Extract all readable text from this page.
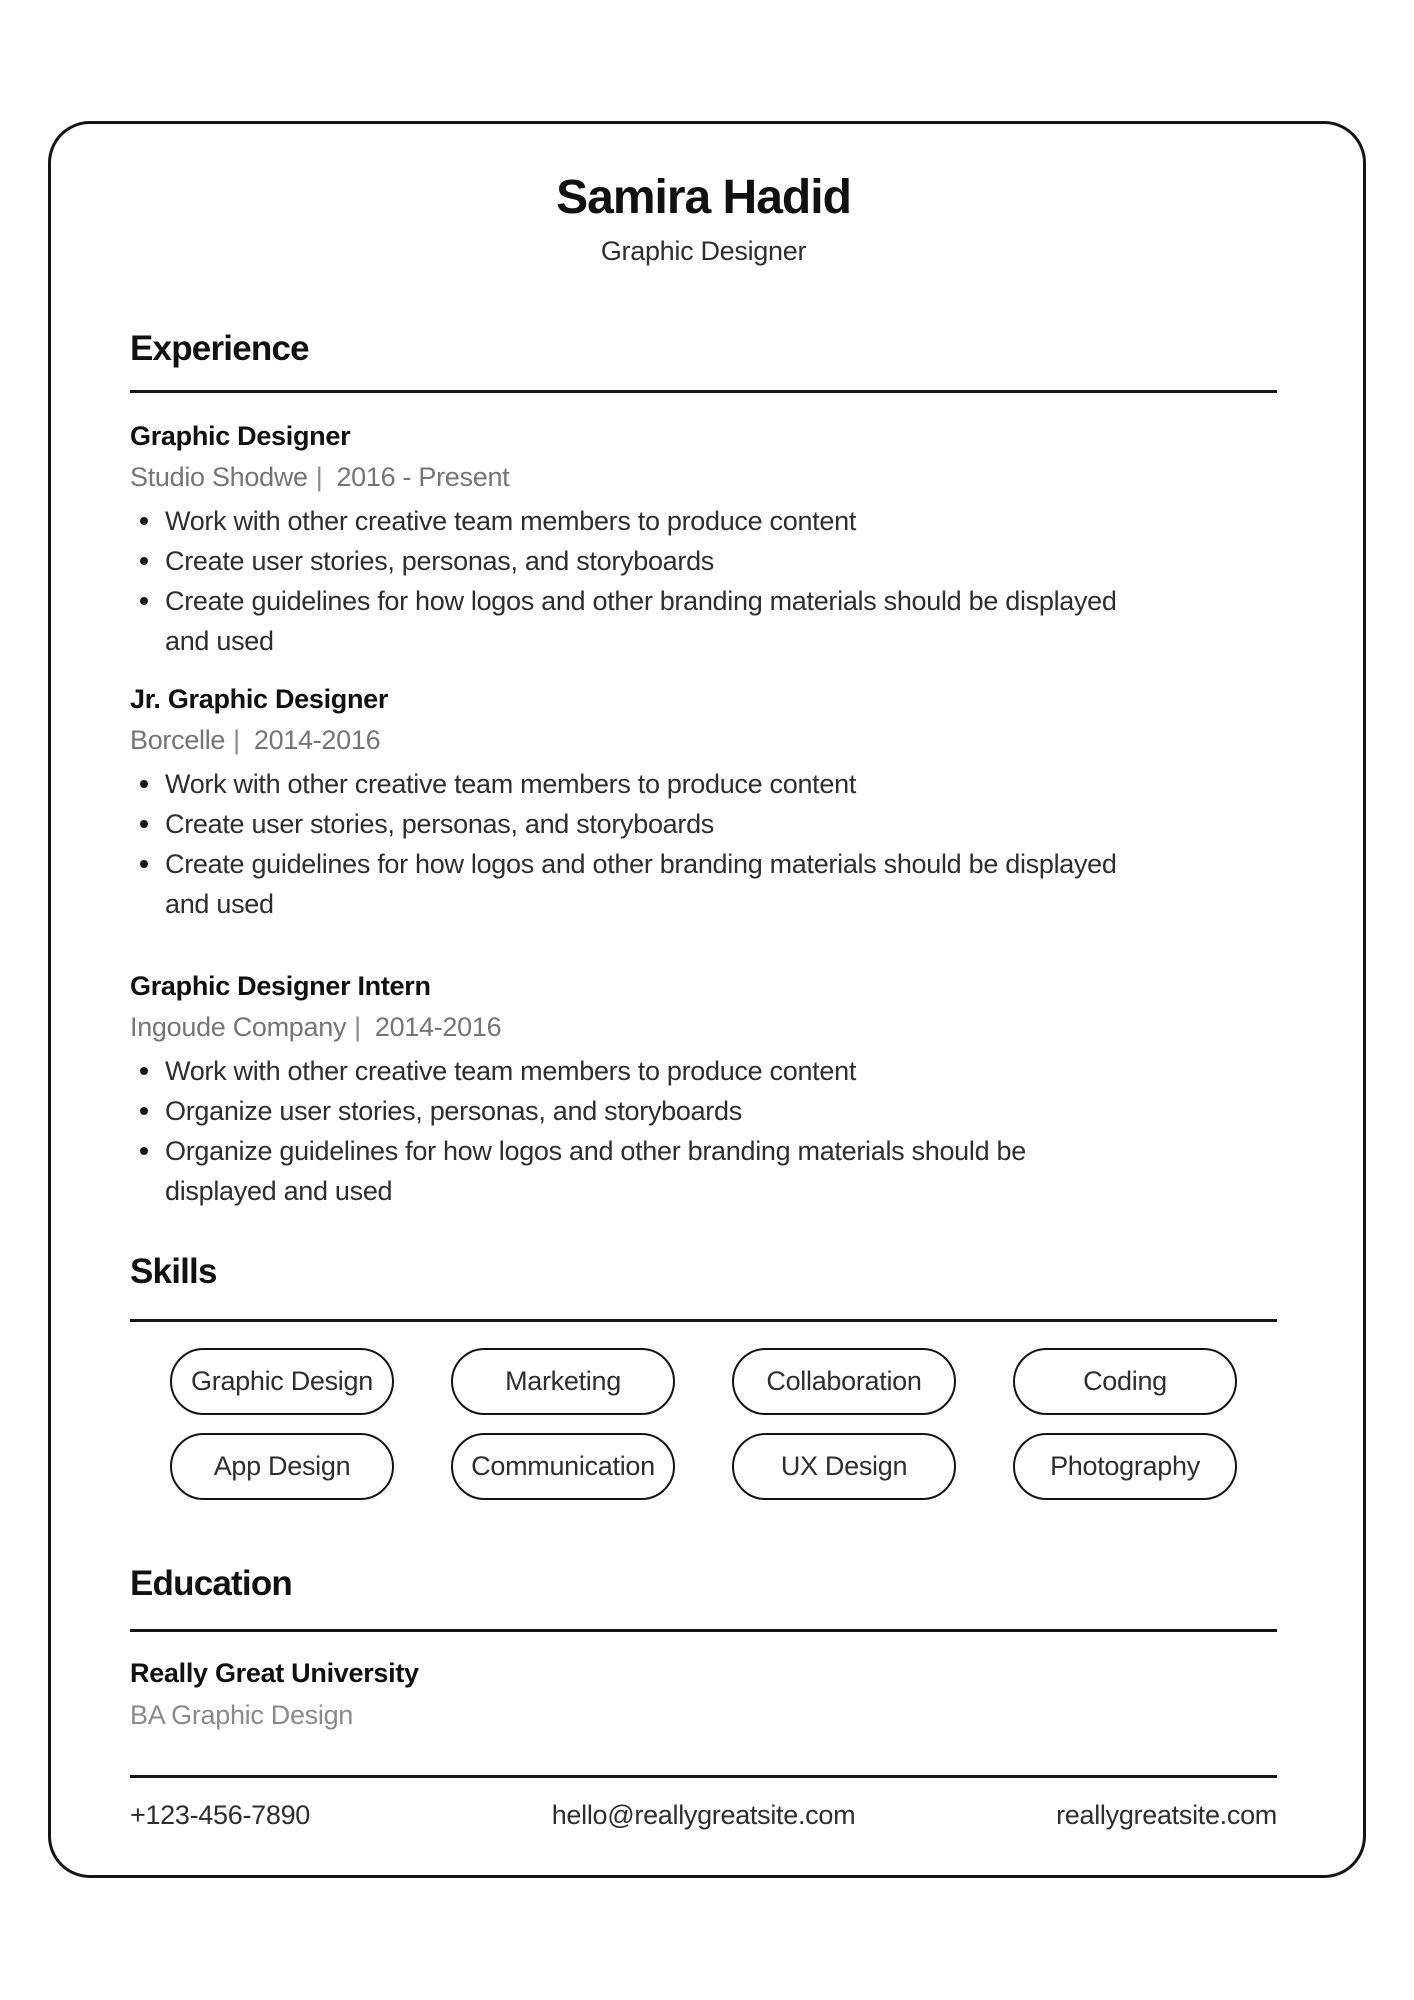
Samira Hadid
Graphic Designer
Experience
Graphic Designer
Studio Shodwe | 2016 - Present
Work with other creative team members to produce content
Create user stories, personas, and storyboards
Create guidelines for how logos and other branding materials should be displayed and used
Jr. Graphic Designer
Borcelle | 2014-2016
Work with other creative team members to produce content
Create user stories, personas, and storyboards
Create guidelines for how logos and other branding materials should be displayed and used
Graphic Designer Intern
Ingoude Company | 2014-2016
Work with other creative team members to produce content
Organize user stories, personas, and storyboards
Organize guidelines for how logos and other branding materials should be displayed and used
Skills
Graphic Design	Marketing	Collaboration	Coding
App Design	Communication	UX Design	Photography
Education
Really Great University
BA Graphic Design
+123-456-7890	hello@reallygreatsite.com	reallygreatsite.com
